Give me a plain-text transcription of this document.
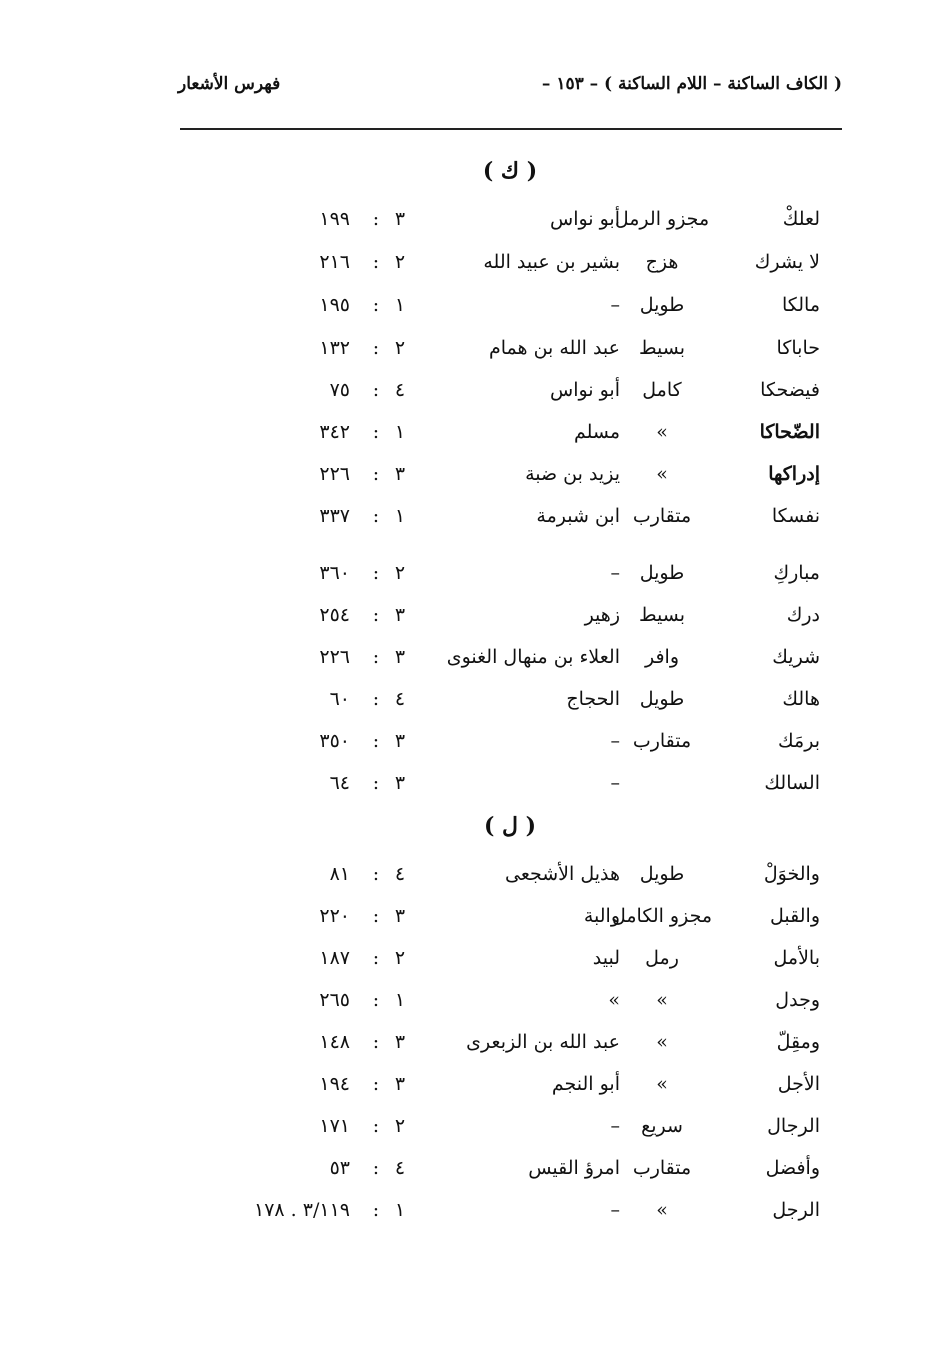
فهرس الأشعار	( الكاف الساكنة – اللام الساكنة ) – ١٥٣ –
( ك )
لعلكْ
مجزو الرمل
أبو نواس
٣
:
١٩٩
لا يشرك
هزج
بشير بن عبيد الله
٢
:
٢١٦
مالكا
طويل
–
١
:
١٩٥
حاباكا
بسيط
عبد الله بن همام
٢
:
١٣٢
فيضحكا
كامل
أبو نواس
٤
:
٧٥
الضّحاكا
»
مسلم
١
:
٣٤٢
إدراكها
»
يزيد بن ضبة
٣
:
٢٢٦
نفسكا
متقارب
ابن شبرمة
١
:
٣٣٧
مباركِ
طويل
–
٢
:
٣٦٠
درك
بسيط
زهير
٣
:
٢٥٤
شريك
وافر
العلاء بن منهال الغنوى
٣
:
٢٢٦
هالك
طويل
الحجاج
٤
:
٦٠
برمَك
متقارب
–
٣
:
٣٥٠
السالك
–
٣
:
٦٤
( ل )
والخوَلْ
طويل
هذيل الأشجعى
٤
:
٨١
والقبل
مجزو الكامل
والبة
٣
:
٢٢٠
بالأمل
رمل
لبيد
٢
:
١٨٧
وجدل
»
»
١
:
٢٦٥
ومقِلّ
»
عبد الله بن الزبعرى
٣
:
١٤٨
الأجل
»
أبو النجم
٣
:
١٩٤
الرجال
سريع
–
٢
:
١٧١
وأفضل
متقارب
امرؤ القيس
٤
:
٥٣
الرجل
»
–
١
:
٣/١١٩ . ١٧٨
